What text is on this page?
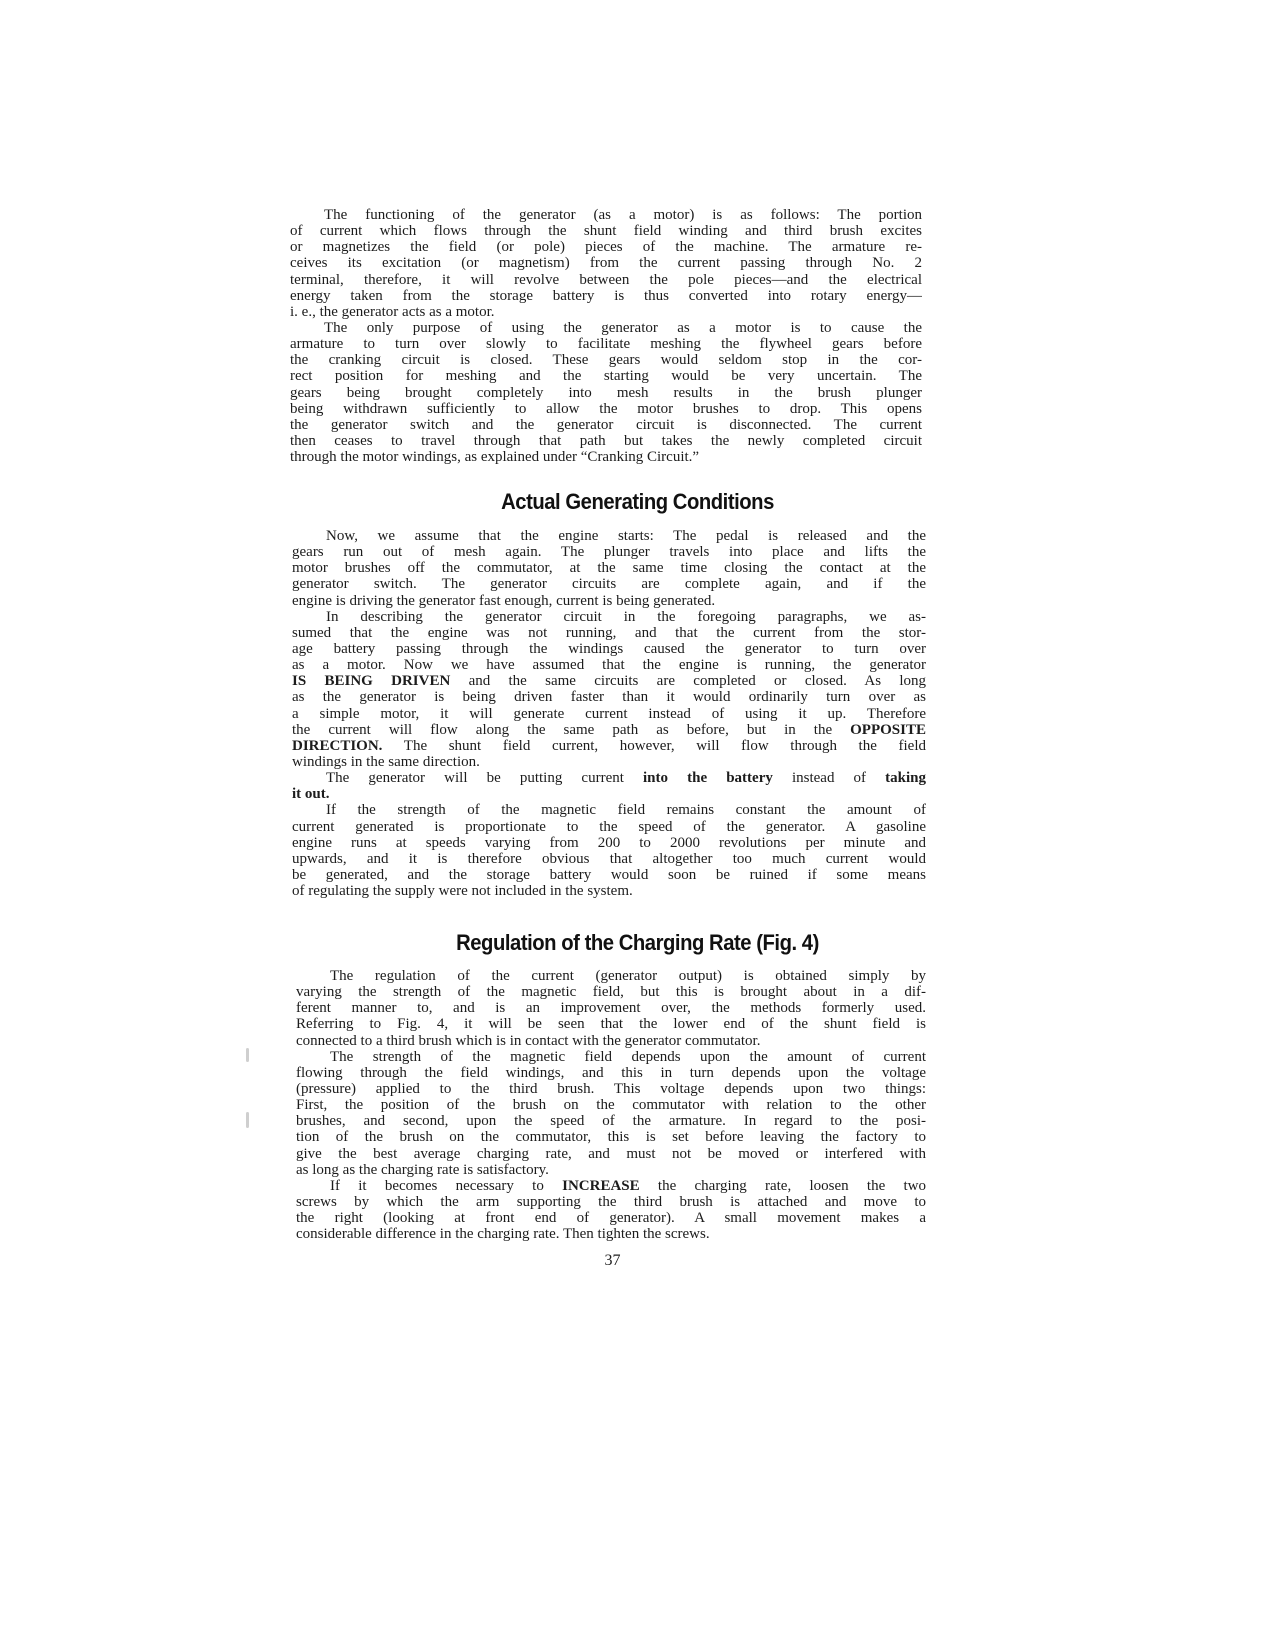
The functioning of the generator (as a motor) is as follows: The portion
of current which flows through the shunt field winding and third brush excites
or magnetizes the field (or pole) pieces of the machine. The armature re-
ceives its excitation (or magnetism) from the current passing through No. 2
terminal, therefore, it will revolve between the pole pieces—and the electrical
energy taken from the storage battery is thus converted into rotary energy—
i. e., the generator acts as a motor.
The only purpose of using the generator as a motor is to cause the
armature to turn over slowly to facilitate meshing the flywheel gears before
the cranking circuit is closed. These gears would seldom stop in the cor-
rect position for meshing and the starting would be very uncertain. The
gears being brought completely into mesh results in the brush plunger
being withdrawn sufficiently to allow the motor brushes to drop. This opens
the generator switch and the generator circuit is disconnected. The current
then ceases to travel through that path but takes the newly completed circuit
through the motor windings, as explained under “Cranking Circuit.”
Actual Generating Conditions
Now, we assume that the engine starts: The pedal is released and the
gears run out of mesh again. The plunger travels into place and lifts the
motor brushes off the commutator, at the same time closing the contact at the
generator switch. The generator circuits are complete again, and if the
engine is driving the generator fast enough, current is being generated.
In describing the generator circuit in the foregoing paragraphs, we as-
sumed that the engine was not running, and that the current from the stor-
age battery passing through the windings caused the generator to turn over
as a motor. Now we have assumed that the engine is running, the generator
IS BEING DRIVEN and the same circuits are completed or closed. As long
as the generator is being driven faster than it would ordinarily turn over as
a simple motor, it will generate current instead of using it up. Therefore
the current will flow along the same path as before, but in the OPPOSITE
DIRECTION. The shunt field current, however, will flow through the field
windings in the same direction.
The generator will be putting current into the battery instead of taking
it out.
If the strength of the magnetic field remains constant the amount of
current generated is proportionate to the speed of the generator. A gasoline
engine runs at speeds varying from 200 to 2000 revolutions per minute and
upwards, and it is therefore obvious that altogether too much current would
be generated, and the storage battery would soon be ruined if some means
of regulating the supply were not included in the system.
Regulation of the Charging Rate (Fig. 4)
The regulation of the current (generator output) is obtained simply by
varying the strength of the magnetic field, but this is brought about in a dif-
ferent manner to, and is an improvement over, the methods formerly used.
Referring to Fig. 4, it will be seen that the lower end of the shunt field is
connected to a third brush which is in contact with the generator commutator.
The strength of the magnetic field depends upon the amount of current
flowing through the field windings, and this in turn depends upon the voltage
(pressure) applied to the third brush. This voltage depends upon two things:
First, the position of the brush on the commutator with relation to the other
brushes, and second, upon the speed of the armature. In regard to the posi-
tion of the brush on the commutator, this is set before leaving the factory to
give the best average charging rate, and must not be moved or interfered with
as long as the charging rate is satisfactory.
If it becomes necessary to INCREASE the charging rate, loosen the two
screws by which the arm supporting the third brush is attached and move to
the right (looking at front end of generator). A small movement makes a
considerable difference in the charging rate. Then tighten the screws.
37
